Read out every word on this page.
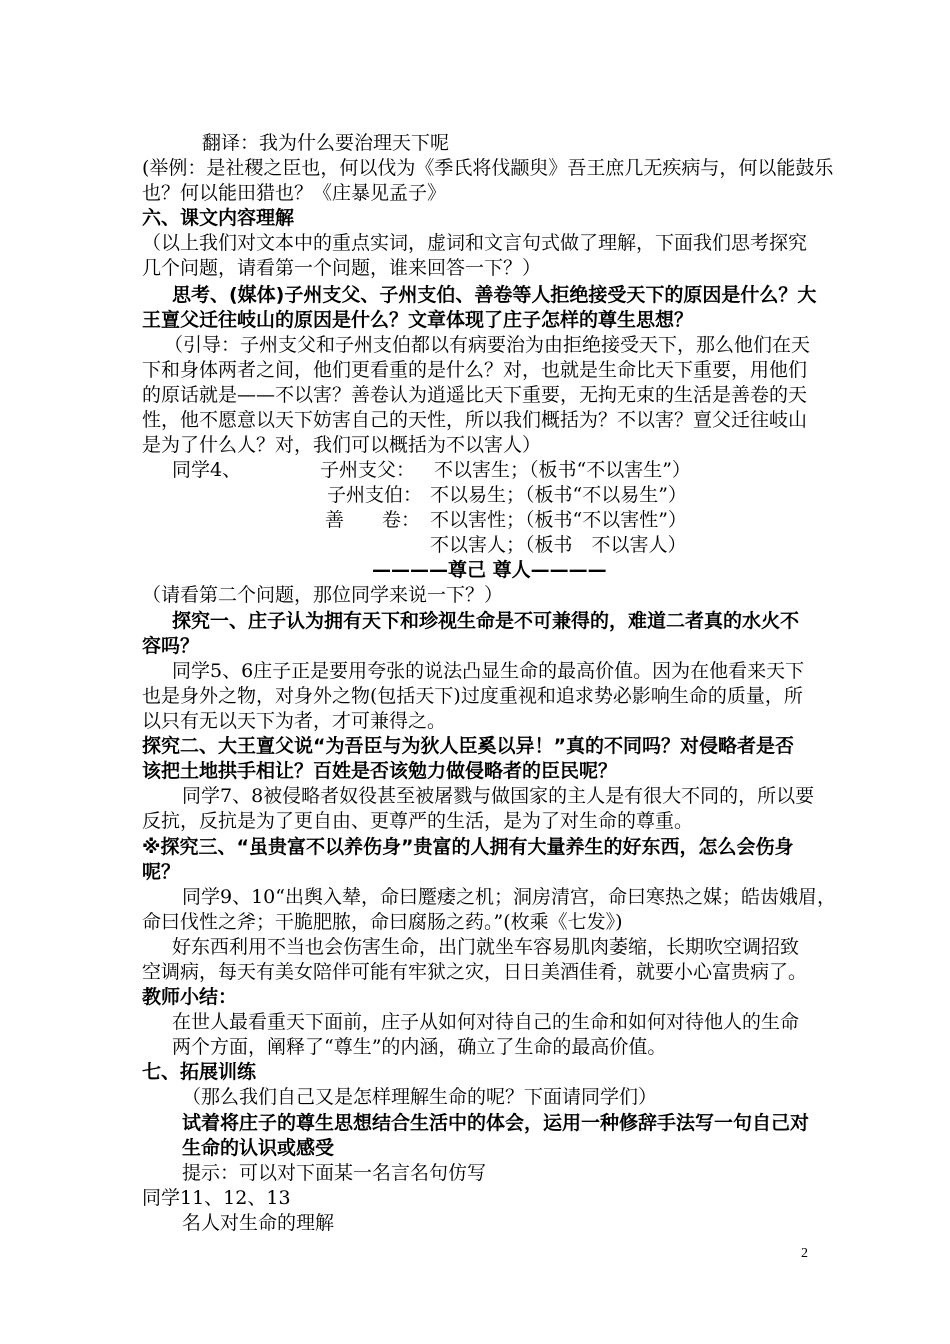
翻译：我为什么要治理天下呢
(举例：是社稷之臣也，何以伐为《季氏将伐颛臾》吾王庶几无疾病与，何以能鼓乐
也？何以能田猎也？《庄暴见孟子》
六、课文内容理解
（以上我们对文本中的重点实词，虚词和文言句式做了理解，下面我们思考探究
几个问题，请看第一个问题，谁来回答一下？）
思考、(媒体)子州支父、子州支伯、善卷等人拒绝接受天下的原因是什么？大
王亶父迁往岐山的原因是什么？文章体现了庄子怎样的尊生思想？
（引导：子州支父和子州支伯都以有病要治为由拒绝接受天下，那么他们在天
下和身体两者之间，他们更看重的是什么？对，也就是生命比天下重要，用他们
的原话就是——不以害？善卷认为逍遥比天下重要，无拘无束的生活是善卷的天
性，他不愿意以天下妨害自己的天性，所以我们概括为？不以害？亶父迁往岐山
是为了什么人？对，我们可以概括为不以害人）
同学4、	子州支父： 不以害生；（板书“不以害生”）
子州支伯： 不以易生；（板书“不以易生”）
善　　卷： 不以害性；（板书“不以害性”）
不以害人；（板书　不以害人）
————尊己 尊人————
（请看第二个问题，那位同学来说一下？）
探究一、庄子认为拥有天下和珍视生命是不可兼得的，难道二者真的水火不
容吗？
同学5、6庄子正是要用夸张的说法凸显生命的最高价值。因为在他看来天下
也是身外之物，对身外之物(包括天下)过度重视和追求势必影响生命的质量，所
以只有无以天下为者，才可兼得之。
探究二、大王亶父说“为吾臣与为狄人臣奚以异！”真的不同吗？对侵略者是否
该把土地拱手相让？百姓是否该勉力做侵略者的臣民呢？
同学7、8被侵略者奴役甚至被屠戮与做国家的主人是有很大不同的，所以要
反抗，反抗是为了更自由、更尊严的生活，是为了对生命的尊重。
※探究三、“虽贵富不以养伤身”贵富的人拥有大量养生的好东西，怎么会伤身
呢？
同学9、10“出舆入辇，命曰蹷痿之机；洞房清宫，命曰寒热之媒；皓齿娥眉，
命曰伐性之斧；干脆肥脓，命曰腐肠之药。”(枚乘《七发》)
好东西利用不当也会伤害生命，出门就坐车容易肌肉萎缩，长期吹空调招致
空调病，每天有美女陪伴可能有牢狱之灾，日日美酒佳肴，就要小心富贵病了。
教师小结：
在世人最看重天下面前，庄子从如何对待自己的生命和如何对待他人的生命
两个方面，阐释了“尊生”的内涵，确立了生命的最高价值。
七、拓展训练
（那么我们自己又是怎样理解生命的呢？下面请同学们）
试着将庄子的尊生思想结合生活中的体会，运用一种修辞手法写一句自己对
生命的认识或感受
提示：可以对下面某一名言名句仿写
同学11、12、13
名人对生命的理解
2
